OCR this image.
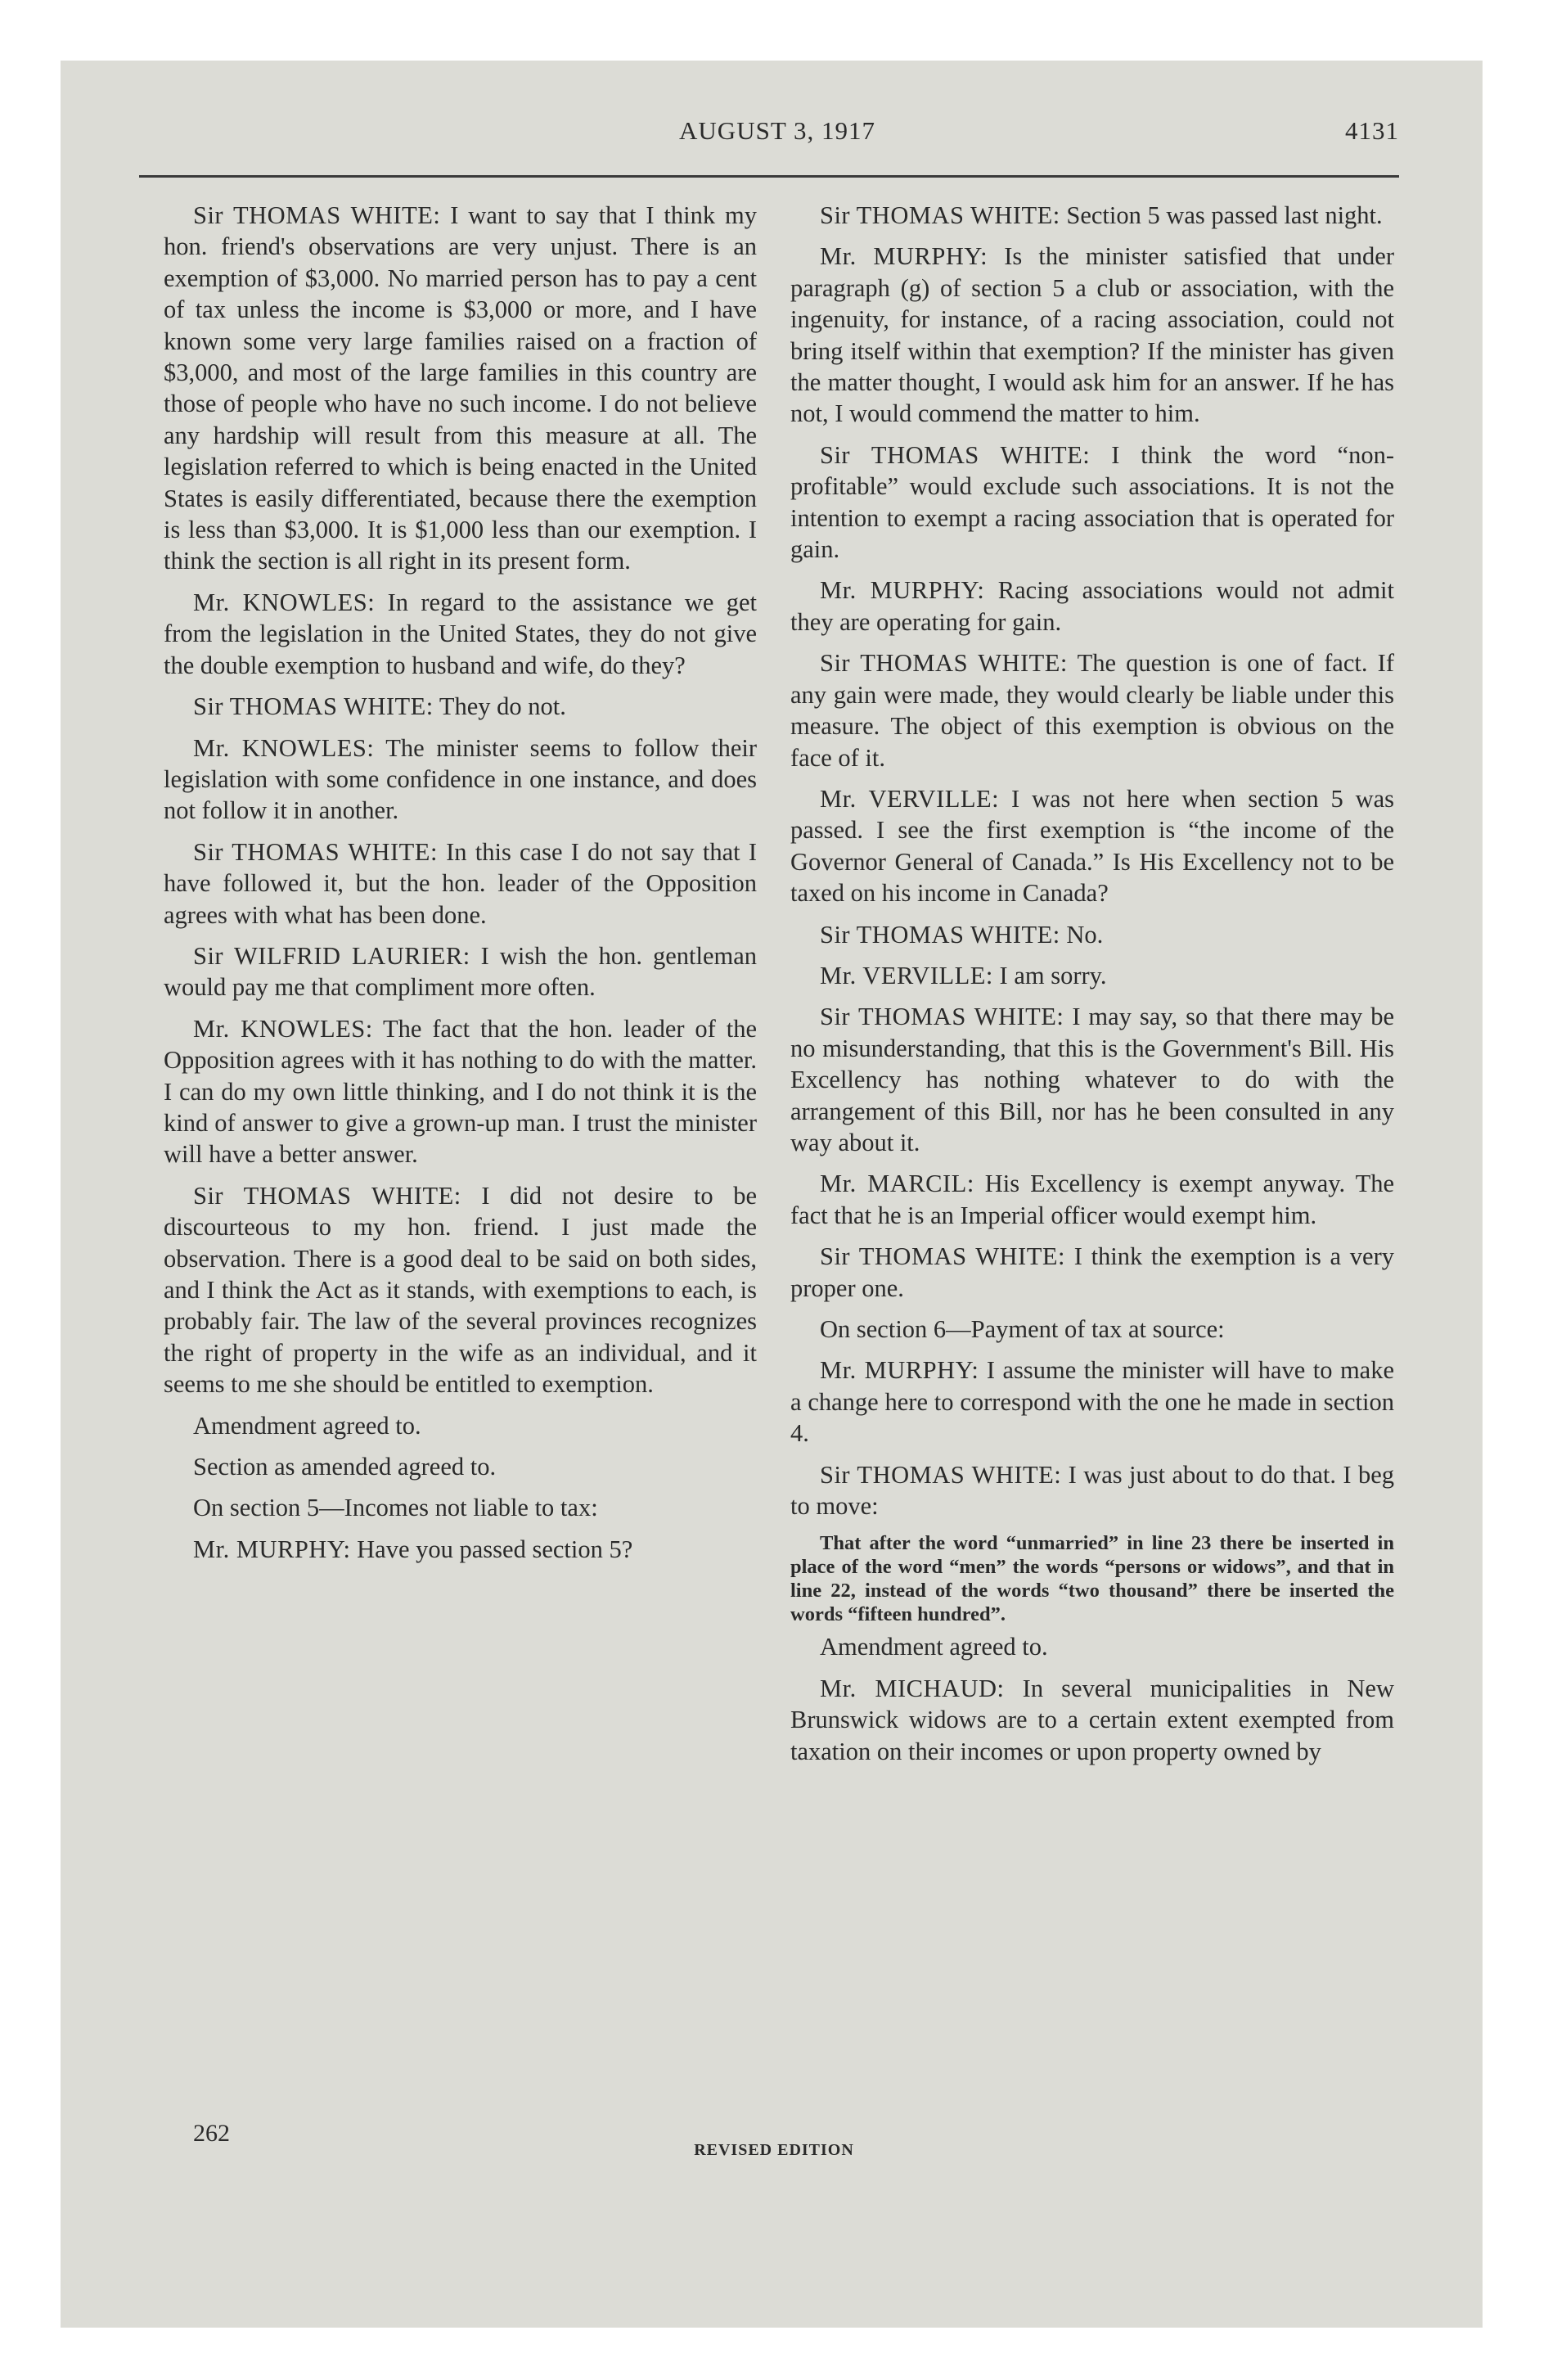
AUGUST 3, 1917	4131

Sir THOMAS WHITE: I want to say that I think my hon. friend's observations are very unjust. There is an exemption of $3,000. No married person has to pay a cent of tax unless the income is $3,000 or more, and I have known some very large families raised on a fraction of $3,000, and most of the large families in this country are those of people who have no such income. I do not believe any hardship will result from this measure at all. The legislation referred to which is being enacted in the United States is easily differentiated, because there the exemption is less than $3,000. It is $1,000 less than our exemption. I think the section is all right in its present form.

Mr. KNOWLES: In regard to the assistance we get from the legislation in the United States, they do not give the double exemption to husband and wife, do they?

Sir THOMAS WHITE: They do not.

Mr. KNOWLES: The minister seems to follow their legislation with some confidence in one instance, and does not follow it in another.

Sir THOMAS WHITE: In this case I do not say that I have followed it, but the hon. leader of the Opposition agrees with what has been done.

Sir WILFRID LAURIER: I wish the hon. gentleman would pay me that compliment more often.

Mr. KNOWLES: The fact that the hon. leader of the Opposition agrees with it has nothing to do with the matter. I can do my own little thinking, and I do not think it is the kind of answer to give a grown-up man. I trust the minister will have a better answer.

Sir THOMAS WHITE: I did not desire to be discourteous to my hon. friend. I just made the observation. There is a good deal to be said on both sides, and I think the Act as it stands, with exemptions to each, is probably fair. The law of the several provinces recognizes the right of property in the wife as an individual, and it seems to me she should be entitled to exemption.

Amendment agreed to.

Section as amended agreed to.

On section 5—Incomes not liable to tax:

Mr. MURPHY: Have you passed section 5?

Sir THOMAS WHITE: Section 5 was passed last night.

Mr. MURPHY: Is the minister satisfied that under paragraph (g) of section 5 a club or association, with the ingenuity, for instance, of a racing association, could not bring itself within that exemption? If the minister has given the matter thought, I would ask him for an answer. If he has not, I would commend the matter to him.

Sir THOMAS WHITE: I think the word “non-profitable” would exclude such associations. It is not the intention to exempt a racing association that is operated for gain.

Mr. MURPHY: Racing associations would not admit they are operating for gain.

Sir THOMAS WHITE: The question is one of fact. If any gain were made, they would clearly be liable under this measure. The object of this exemption is obvious on the face of it.

Mr. VERVILLE: I was not here when section 5 was passed. I see the first exemption is “the income of the Governor General of Canada.” Is His Excellency not to be taxed on his income in Canada?

Sir THOMAS WHITE: No.

Mr. VERVILLE: I am sorry.

Sir THOMAS WHITE: I may say, so that there may be no misunderstanding, that this is the Government's Bill. His Excellency has nothing whatever to do with the arrangement of this Bill, nor has he been consulted in any way about it.

Mr. MARCIL: His Excellency is exempt anyway. The fact that he is an Imperial officer would exempt him.

Sir THOMAS WHITE: I think the exemption is a very proper one.

On section 6—Payment of tax at source:

Mr. MURPHY: I assume the minister will have to make a change here to correspond with the one he made in section 4.

Sir THOMAS WHITE: I was just about to do that. I beg to move:

That after the word “unmarried” in line 23 there be inserted in place of the word “men” the words “persons or widows”, and that in line 22, instead of the words “two thousand” there be inserted the words “fifteen hundred”.

Amendment agreed to.

Mr. MICHAUD: In several municipalities in New Brunswick widows are to a certain extent exempted from taxation on their incomes or upon property owned by

262
REVISED EDITION
